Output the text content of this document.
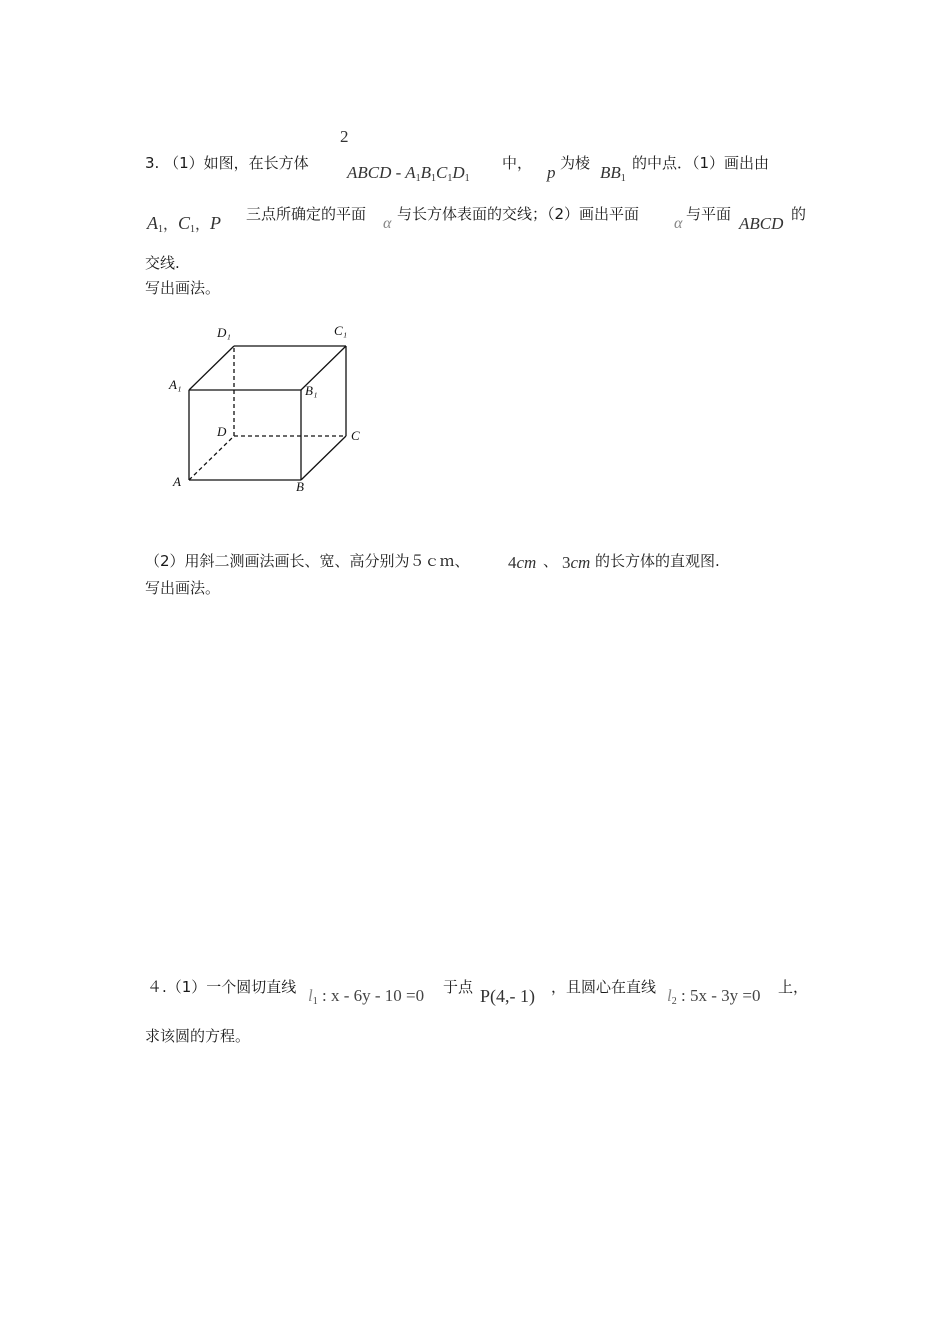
2
3. （1）如图，在长方体 ABCD - $A_1B_1C_1D_1$
中， p 为棱 $BB_1$
的中点．（1）画出由
$A_1$，$C_1$，P 三点所确定的平面
α
与长方体表面的交线；（2）画出平面
α
与平面 ABCD 的
交线.
写出画法。
D₁	C₁
A₁	B₁
D	C
A	B
（2）用斜二测画法画长、宽、高分别为５ｃｍ、 4cm 、 3cm 的长方体的直观图.
写出画法。
４.（1）一个圆切直线 $l_1$ : x - 6y - 10 =0 于点 P(4,- 1) ，且圆心在直线 $l_2$ : 5x - 3y =0 上，
求该圆的方程。
